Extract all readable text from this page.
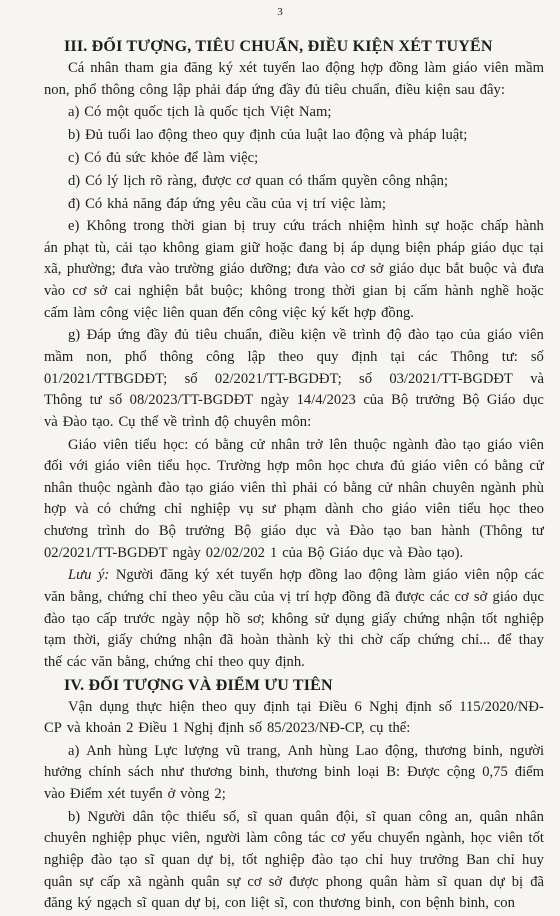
3
III. ĐỐI TƯỢNG, TIÊU CHUẨN, ĐIỀU KIỆN XÉT TUYỂN
Cá nhân tham gia đăng ký xét tuyển lao động hợp đồng làm giáo viên mầm
non, phổ thông công lập phải đáp ứng đầy đủ tiêu chuẩn, điều kiện sau đây:
a) Có một quốc tịch là quốc tịch Việt Nam;
b) Đủ tuổi lao động theo quy định của luật lao động và pháp luật;
c) Có đủ sức khỏe để làm việc;
d) Có lý lịch rõ ràng, được cơ quan có thẩm quyền công nhận;
đ) Có khả năng đáp ứng yêu cầu của vị trí việc làm;
e) Không trong thời gian bị truy cứu trách nhiệm hình sự hoặc chấp hành
án phạt tù, cải tạo không giam giữ hoặc đang bị áp dụng biện pháp giáo dục tại
xã, phường; đưa vào trường giáo dưỡng; đưa vào cơ sở giáo dục bắt buộc và đưa
vào cơ sở cai nghiện bắt buộc; không trong thời gian bị cấm hành nghề hoặc
cấm làm công việc liên quan đến công việc ký kết hợp đồng.
g) Đáp ứng đầy đủ tiêu chuẩn, điều kiện về trình độ đào tạo của giáo viên
mầm non, phổ thông công lập theo quy định tại các Thông tư: số
01/2021/TTBGDĐT; số 02/2021/TT-BGDĐT; số 03/2021/TT-BGDĐT và
Thông tư số 08/2023/TT-BGDĐT ngày 14/4/2023 của Bộ trưởng Bộ Giáo dục
và Đào tạo. Cụ thể về trình độ chuyên môn:
Giáo viên tiểu học: có bằng cử nhân trở lên thuộc ngành đào tạo giáo viên
đối với giáo viên tiểu học. Trường hợp môn học chưa đủ giáo viên có bằng cử
nhân thuộc ngành đào tạo giáo viên thì phải có bằng cử nhân chuyên ngành phù
hợp và có chứng chỉ nghiệp vụ sư phạm dành cho giáo viên tiểu học theo
chương trình do Bộ trưởng Bộ giáo dục và Đào tạo ban hành (Thông tư
02/2021/TT-BGDĐT ngày 02/02/202 1 của Bộ Giáo dục và Đào tạo).
Lưu ý: Người đăng ký xét tuyển hợp đồng lao động làm giáo viên nộp các
văn bằng, chứng chỉ theo yêu cầu của vị trí hợp đồng đã được các cơ sở giáo dục
đào tạo cấp trước ngày nộp hồ sơ; không sử dụng giấy chứng nhận tốt nghiệp
tạm thời, giấy chứng nhận đã hoàn thành kỳ thi chờ cấp chứng chỉ... để thay
thế các văn bằng, chứng chỉ theo quy định.
IV. ĐỐI TƯỢNG VÀ ĐIỂM ƯU TIÊN
Vận dụng thực hiện theo quy định tại Điều 6 Nghị định số 115/2020/NĐ-
CP và khoản 2 Điều 1 Nghị định số 85/2023/NĐ-CP, cụ thể:
a) Anh hùng Lực lượng vũ trang, Anh hùng Lao động, thương binh, người
hưởng chính sách như thương binh, thương binh loại B: Được cộng 0,75 điểm
vào Điểm xét tuyển ở vòng 2;
b) Người dân tộc thiểu số, sĩ quan quân đội, sĩ quan công an, quân nhân
chuyên nghiệp phục viên, người làm công tác cơ yếu chuyển ngành, học viên tốt
nghiệp đào tạo sĩ quan dự bị, tốt nghiệp đào tạo chỉ huy trưởng Ban chỉ huy
quân sự cấp xã ngành quân sự cơ sở được phong quân hàm sĩ quan dự bị đã
đăng ký ngạch sĩ quan dự bị, con liệt sĩ, con thương binh, con bệnh binh, con
